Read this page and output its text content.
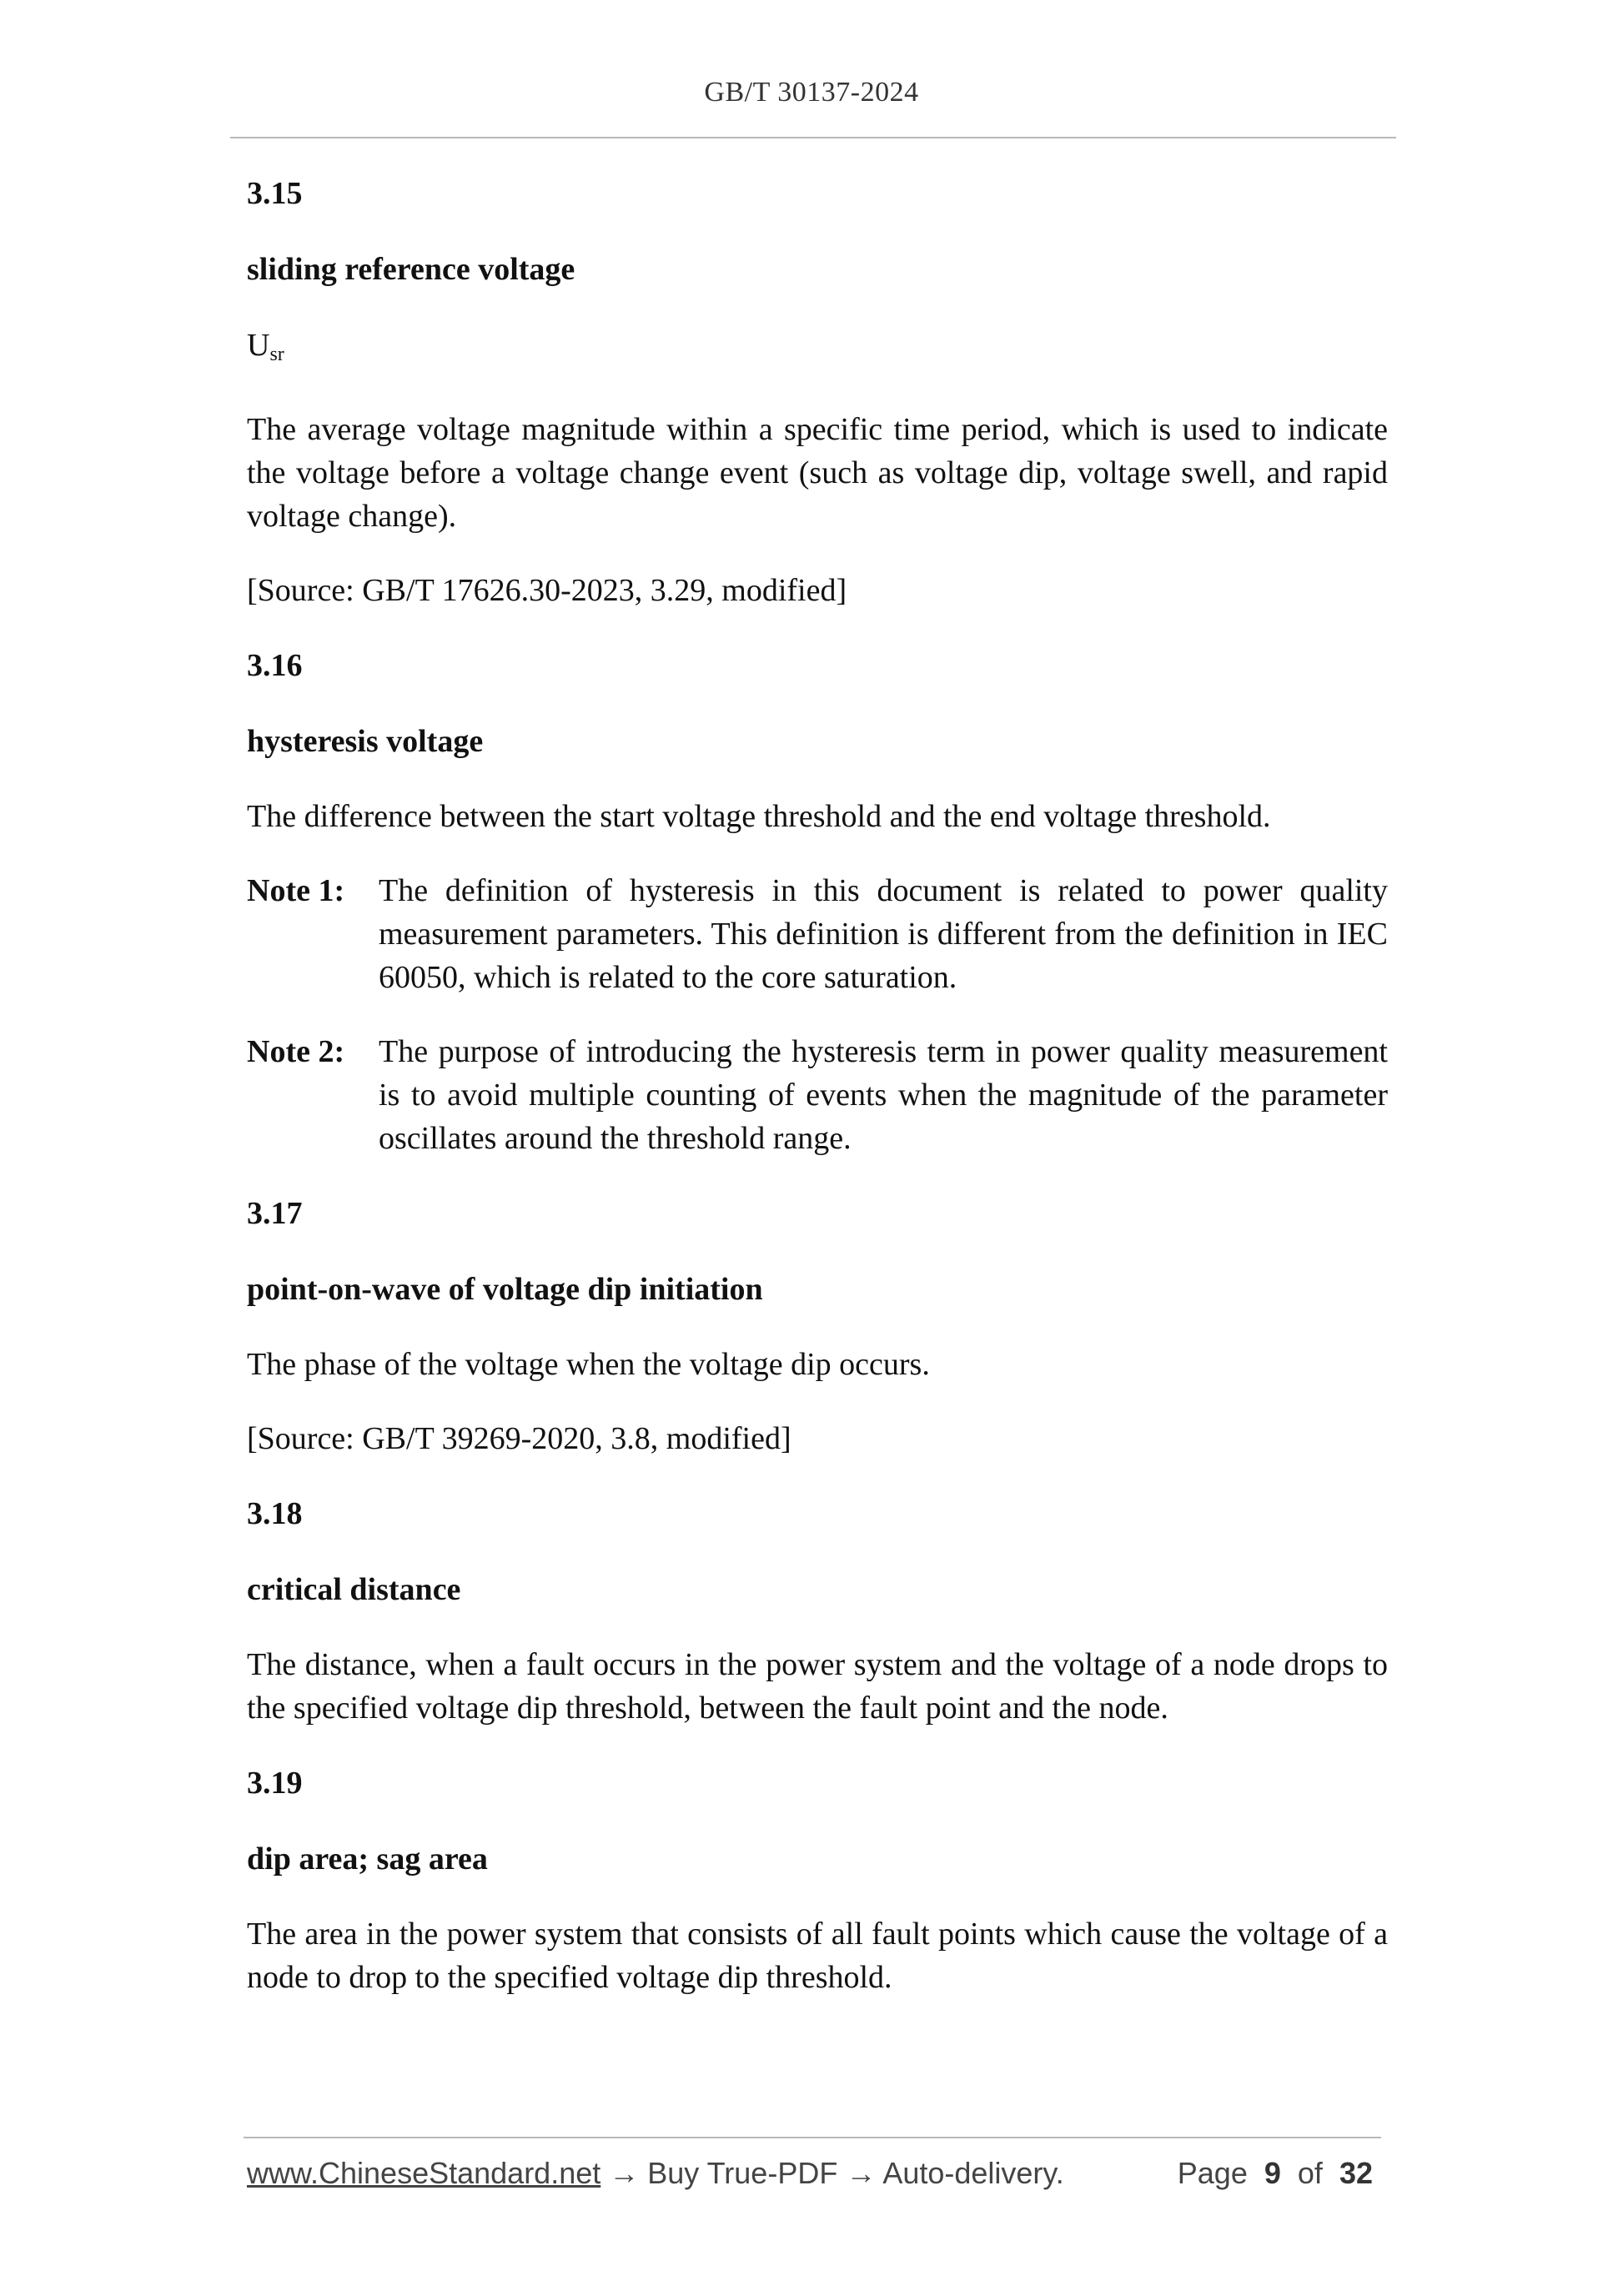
GB/T 30137-2024
3.15
sliding reference voltage
$U_{sr}$
The average voltage magnitude within a specific time period, which is used to indicate the voltage before a voltage change event (such as voltage dip, voltage swell, and rapid voltage change).
[Source: GB/T 17626.30-2023, 3.29, modified]
3.16
hysteresis voltage
The difference between the start voltage threshold and the end voltage threshold.
Note 1:	The definition of hysteresis in this document is related to power quality measurement parameters. This definition is different from the definition in IEC 60050, which is related to the core saturation.
Note 2:	The purpose of introducing the hysteresis term in power quality measurement is to avoid multiple counting of events when the magnitude of the parameter oscillates around the threshold range.
3.17
point-on-wave of voltage dip initiation
The phase of the voltage when the voltage dip occurs.
[Source: GB/T 39269-2020, 3.8, modified]
3.18
critical distance
The distance, when a fault occurs in the power system and the voltage of a node drops to the specified voltage dip threshold, between the fault point and the node.
3.19
dip area; sag area
The area in the power system that consists of all fault points which cause the voltage of a node to drop to the specified voltage dip threshold.
www.ChineseStandard.net → Buy True-PDF → Auto-delivery.	Page 9 of 32
